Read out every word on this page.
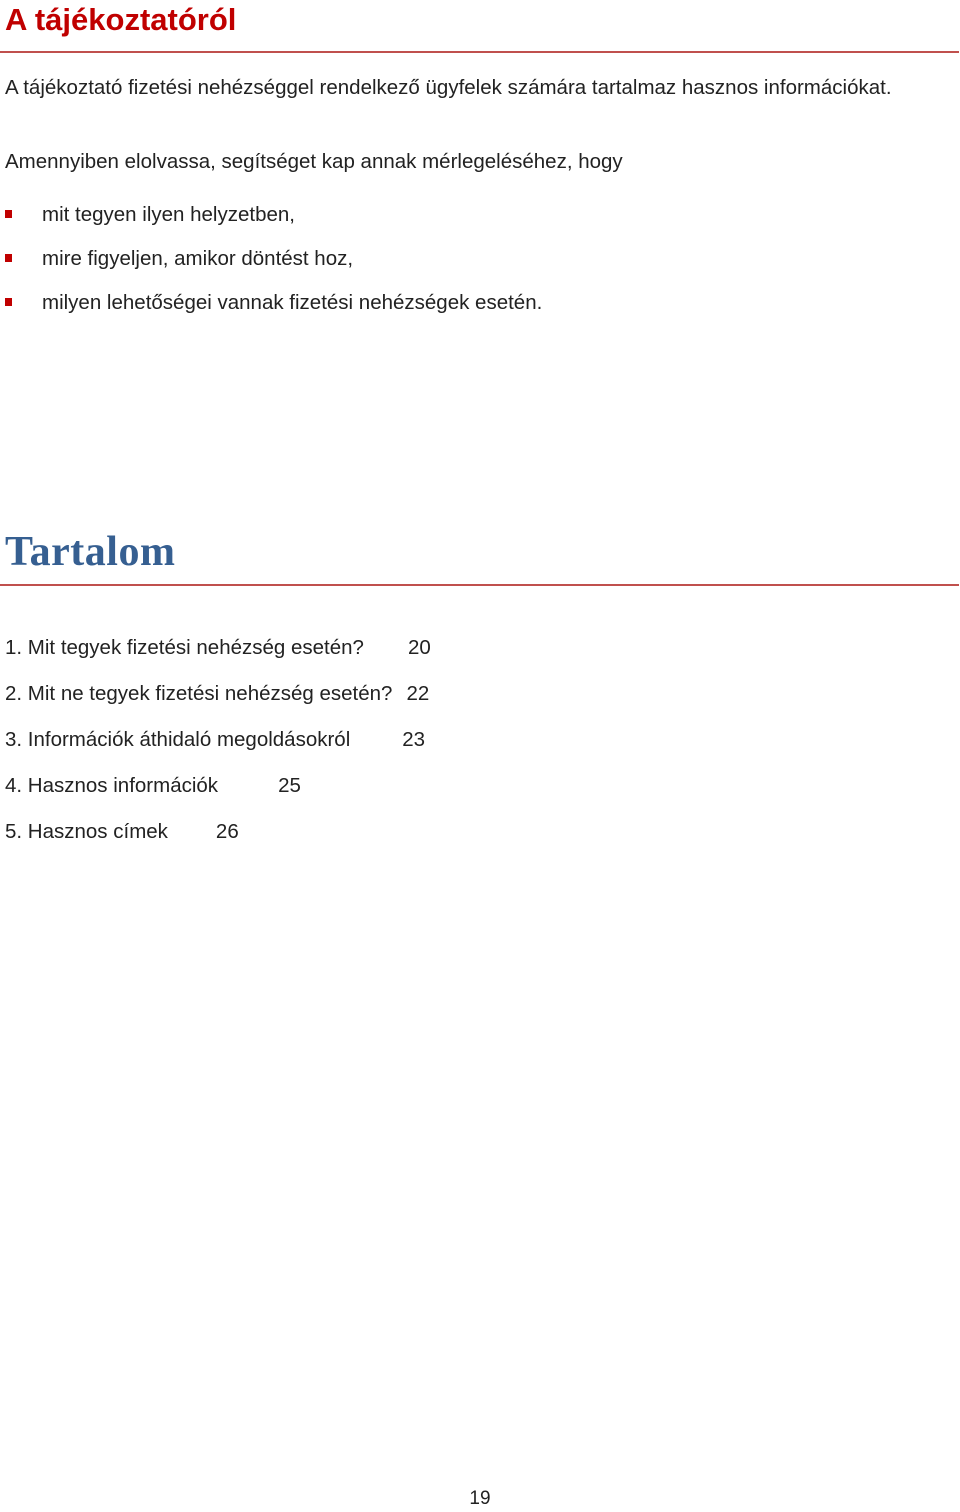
A tájékoztatóról

A tájékoztató fizetési nehézséggel rendelkező ügyfelek számára tartalmaz hasznos információkat.

Amennyiben elolvassa, segítséget kap annak mérlegeléséhez, hogy

mit tegyen ilyen helyzetben,
mire figyeljen, amikor döntést hoz,
milyen lehetőségei vannak fizetési nehézségek esetén.
Tartalom
1. Mit tegyek fizetési nehézség esetén? 20
2. Mit ne tegyek fizetési nehézség esetén? 22
3. Információk áthidaló megoldásokról	23
4. Hasznos információk	25
5. Hasznos címek 26
19
